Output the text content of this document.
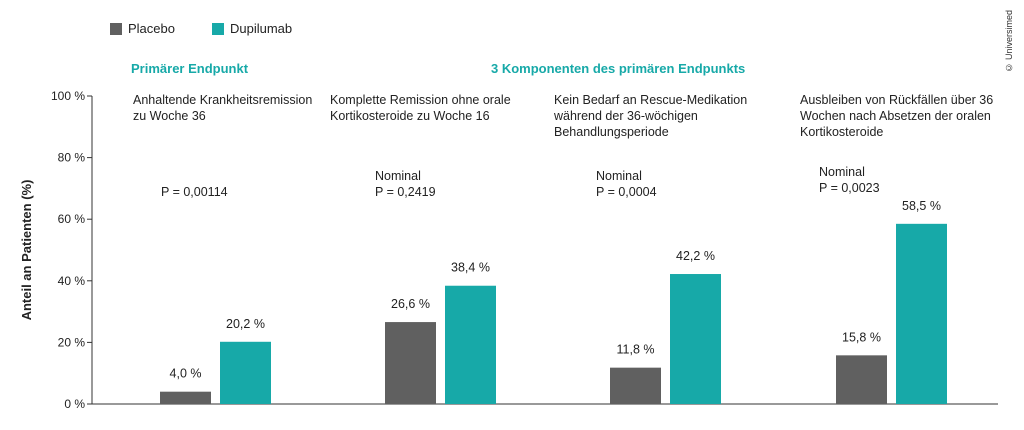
0 %
20 %
40 %
60 %
80 %
100 %
4,0 %
26,6 %
11,8 %
15,8 %
20,2 %
38,4 %
42,2 %
58,5 %
Anteil an Patienten (%)
Placebo	Dupilumab
Primärer Endpunkt	3 Komponenten des primären Endpunkts
Anhaltende Krankheitsremission
zu Woche 36
Komplette Remission ohne orale
Kortikosteroide zu Woche 16
Kein Bedarf an Rescue-Medikation
während der 36-wöchigen
Behandlungsperiode
Ausbleiben von Rückfällen über 36
Wochen nach Absetzen der oralen
Kortikosteroide
P = 0,00114
Nominal
P = 0,2419
Nominal
P = 0,0004
Nominal
P = 0,0023
© Universimed
